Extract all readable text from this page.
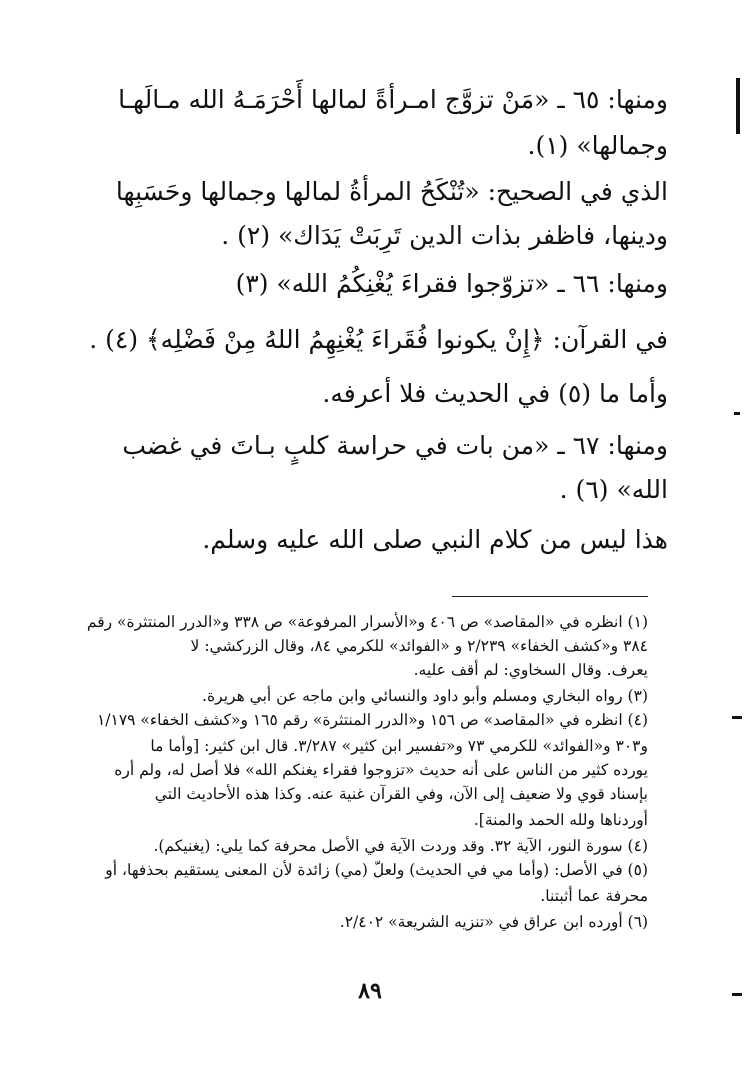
ومنها: ٦٥ ـ «مَنْ تزوَّج امـرأةً لمالها أَحْرَمَـهُ الله مـالَهـا
وجمالها» (١).
الذي في الصحيح: «تُنْكَحُ المرأةُ لمالها وجمالها وحَسَبِها
ودينها، فاظفر بذات الدين تَرِبَتْ يَدَاك» (٢) .
ومنها: ٦٦ ـ «تزوّجوا فقراءَ يُغْنِكُمُ الله» (٣)
في القرآن: ﴿إِنْ يكونوا فُقَراءَ يُغْنِهِمُ اللهُ مِنْ فَضْلِه﴾ (٤) .
وأما ما (٥) في الحديث فلا أعرفه.
ومنها: ٦٧ ـ «من بات في حراسة كلبٍ بـاتَ في غضب
الله» (٦) .
هذا ليس من كلام النبي صلى الله عليه وسلم.
(١) انظره في «المقاصد» ص ٤٠٦ و«الأسرار المرفوعة» ص ٣٣٨ و«الدرر المنتثرة» رقم
٣٨٤ و«كشف الخفاء» ٢/٢٣٩ و «الفوائد» للكرمي ٨٤، وقال الزركشي: لا
يعرف. وقال السخاوي: لم أقف عليه.
(٣) رواه البخاري ومسلم وأبو داود والنسائي وابن ماجه عن أبي هريرة.
(٤) انظره في «المقاصد» ص ١٥٦ و«الدرر المنتثرة» رقم ١٦٥ و«كشف الخفاء» ١/١٧٩
و٣٠٣ و«الفوائد» للكرمي ٧٣ و«تفسير ابن كثير» ٣/٢٨٧. قال ابن كثير: [وأما ما
يورده كثير من الناس على أنه حديث «تزوجوا فقراء يغنكم الله» فلا أصل له، ولم أره
بإسناد قوي ولا ضعيف إلى الآن، وفي القرآن غنية عنه. وكذا هذه الأحاديث التي
أوردناها ولله الحمد والمنة].
(٤) سورة النور، الآية ٣٢. وقد وردت الآية في الأصل محرفة كما يلي: (يغنيكم).
(٥) في الأصل: (وأما مي في الحديث) ولعلّ (مي) زائدة لأن المعنى يستقيم بحذفها، أو
محرفة عما أثبتنا.
(٦) أورده ابن عراق في «تنزيه الشريعة» ٢/٤٠٢.
٨٩
